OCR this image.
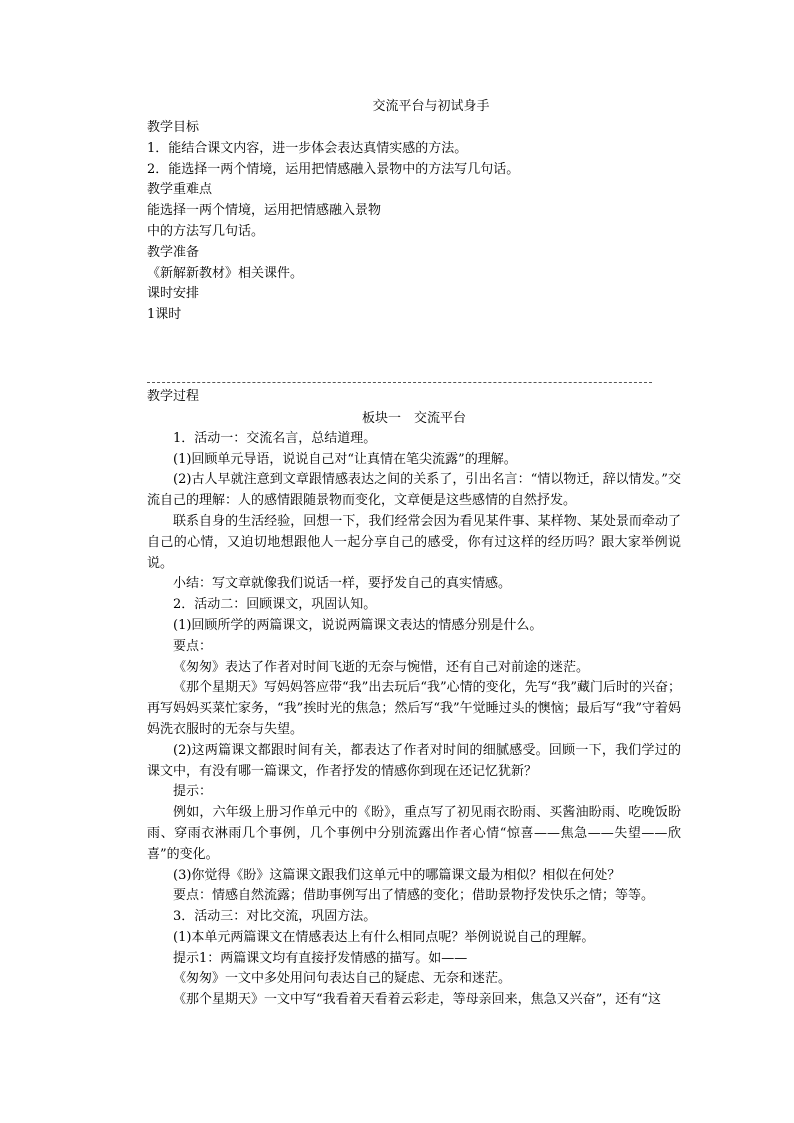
交流平台与初试身手
教学目标
1．能结合课文内容，进一步体会表达真情实感的方法。
2．能选择一两个情境，运用把情感融入景物中的方法写几句话。
教学重难点
能选择一两个情境，运用把情感融入景物
中的方法写几句话。
教学准备
《新解新教材》相关课件。
课时安排
1课时
教学过程
板块一　交流平台
1．活动一：交流名言，总结道理。
(1)回顾单元导语，说说自己对“让真情在笔尖流露”的理解。
(2)古人早就注意到文章跟情感表达之间的关系了，引出名言：“情以物迁，辞以情发。”交流自己的理解：人的感情跟随景物而变化，文章便是这些感情的自然抒发。
联系自身的生活经验，回想一下，我们经常会因为看见某件事、某样物、某处景而牵动了自己的心情，又迫切地想跟他人一起分享自己的感受，你有过这样的经历吗？跟大家举例说说。
小结：写文章就像我们说话一样，要抒发自己的真实情感。
2．活动二：回顾课文，巩固认知。
(1)回顾所学的两篇课文，说说两篇课文表达的情感分别是什么。
要点：
《匆匆》表达了作者对时间飞逝的无奈与惋惜，还有自己对前途的迷茫。
《那个星期天》写妈妈答应带“我”出去玩后“我”心情的变化，先写“我”藏门后时的兴奋；再写妈妈买菜忙家务，“我”挨时光的焦急；然后写“我”午觉睡过头的懊恼；最后写“我”守着妈妈洗衣服时的无奈与失望。
(2)这两篇课文都跟时间有关，都表达了作者对时间的细腻感受。回顾一下，我们学过的课文中，有没有哪一篇课文，作者抒发的情感你到现在还记忆犹新？
提示：
例如，六年级上册习作单元中的《盼》，重点写了初见雨衣盼雨、买酱油盼雨、吃晚饭盼雨、穿雨衣淋雨几个事例，几个事例中分别流露出作者心情“惊喜——焦急——失望——欣喜”的变化。
(3)你觉得《盼》这篇课文跟我们这单元中的哪篇课文最为相似？相似在何处？
要点：情感自然流露；借助事例写出了情感的变化；借助景物抒发快乐之情；等等。
3．活动三：对比交流，巩固方法。
(1)本单元两篇课文在情感表达上有什么相同点呢？举例说说自己的理解。
提示1：两篇课文均有直接抒发情感的描写。如——
《匆匆》一文中多处用问句表达自己的疑虑、无奈和迷茫。
《那个星期天》一文中写“我看着天看着云彩走，等母亲回来，焦急又兴奋”，还有“这
